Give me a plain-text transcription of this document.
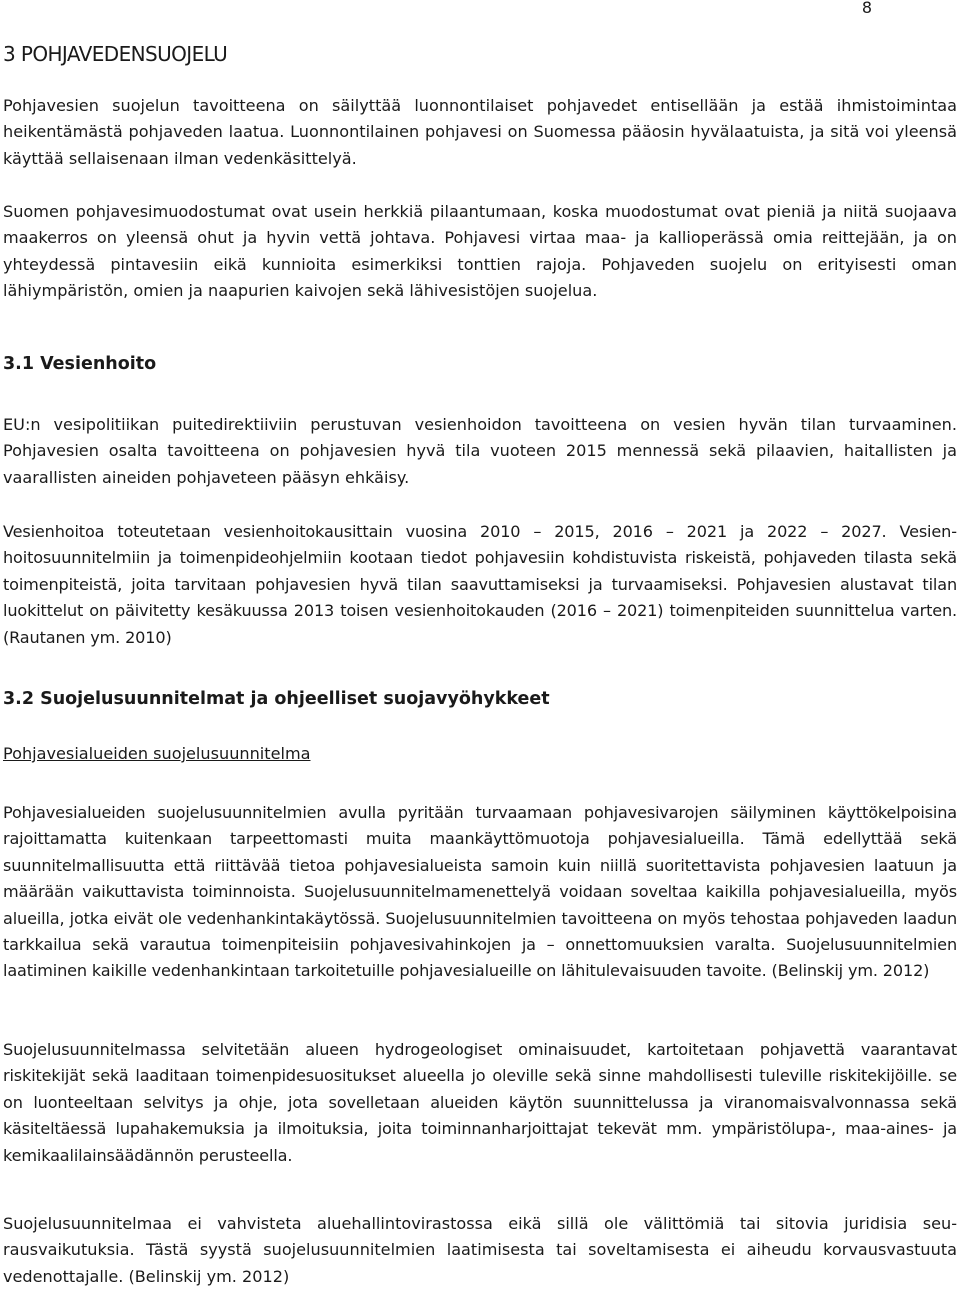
8
3 POHJAVEDENSUOJELU

Pohjavesien suojelun tavoitteena on säilyttää luonnontilaiset pohjavedet entisellään ja estää ihmistoimintaa heikentämästä pohjaveden laatua. Luonnontilainen pohjavesi on Suomessa pääosin hyvälaatuista, ja sitä voi yleensä käyttää sellaisenaan ilman vedenkäsittelyä.

Suomen pohjavesimuodostumat ovat usein herkkiä pilaantumaan, koska muodostumat ovat pieniä ja niitä suojaava maakerros on yleensä ohut ja hyvin vettä johtava. Pohjavesi virtaa maa- ja kallioperässä omia reittejään, ja on yhteydessä pintavesiin eikä kunnioita esimerkiksi tonttien rajoja. Pohjaveden suojelu on erityisesti oman lähiympäristön, omien ja naapurien kaivojen sekä lähivesistöjen suojelua.

3.1 Vesienhoito

EU:n vesipolitiikan puitedirektiiviin perustuvan vesienhoidon tavoitteena on vesien hyvän tilan turvaaminen. Pohjavesien osalta tavoitteena on pohjavesien hyvä tila vuoteen 2015 mennessä sekä pilaavien, haitallisten ja vaarallisten aineiden pohjaveteen pääsyn ehkäisy.

Vesienhoitoa toteutetaan vesienhoitokausittain vuosina 2010 – 2015, 2016 – 2021 ja 2022 – 2027. Vesienhoitosuunnitelmiin ja toimenpideohjelmiin kootaan tiedot pohjavesiin kohdistuvista riskeistä, pohjaveden tilasta sekä toimenpiteistä, joita tarvitaan pohjavesien hyvä tilan saavuttamiseksi ja turvaamiseksi. Pohjavesien alustavat tilan luokittelut on päivitetty kesäkuussa 2013 toisen vesienhoitokauden (2016 – 2021) toimenpiteiden suunnittelua varten. (Rautanen ym. 2010)

3.2 Suojelusuunnitelmat ja ohjeelliset suojavyöhykkeet
Pohjavesialueiden suojelusuunnitelma

Pohjavesialueiden suojelusuunnitelmien avulla pyritään turvaamaan pohjavesivarojen säilyminen käyttökelpoisina rajoittamatta kuitenkaan tarpeettomasti muita maankäyttömuotoja pohjavesialueilla. Tämä edellyttää sekä suunnitelmallisuutta että riittävää tietoa pohjavesialueista samoin kuin niillä suoritettavista pohjavesien laatuun ja määrään vaikuttavista toiminnoista. Suojelusuunnitelmamenettelyä voidaan soveltaa kaikilla pohjavesialueilla, myös alueilla, jotka eivät ole vedenhankintakäytössä. Suojelusuunnitelmien tavoitteena on myös tehostaa pohjaveden laadun tarkkailua sekä varautua toimenpiteisiin pohjavesivahinkojen ja – onnettomuuksien varalta. Suojelusuunnitelmien laatiminen kaikille vedenhankintaan tarkoitetuille pohjavesialueille on lähitulevaisuuden tavoite. (Belinskij ym. 2012)

Suojelusuunnitelmassa selvitetään alueen hydrogeologiset ominaisuudet, kartoitetaan pohjavettä vaarantavat riskitekijät sekä laaditaan toimenpidesuositukset alueella jo oleville sekä sinne mahdollisesti tuleville riskitekijöille. se on luonteeltaan selvitys ja ohje, jota sovelletaan alueiden käytön suunnittelussa ja viranomaisvalvonnassa sekä käsiteltäessä lupahakemuksia ja ilmoituksia, joita toiminnanharjoittajat tekevät mm. ympäristölupa-, maa-aines- ja kemikaalilainsäädännön perusteella.

Suojelusuunnitelmaa ei vahvisteta aluehallintovirastossa eikä sillä ole välittömiä tai sitovia juridisia seurausvaikutuksia. Tästä syystä suojelusuunnitelmien laatimisesta tai soveltamisesta ei aiheudu korvausvastuuta vedenottajalle. (Belinskij ym. 2012)
